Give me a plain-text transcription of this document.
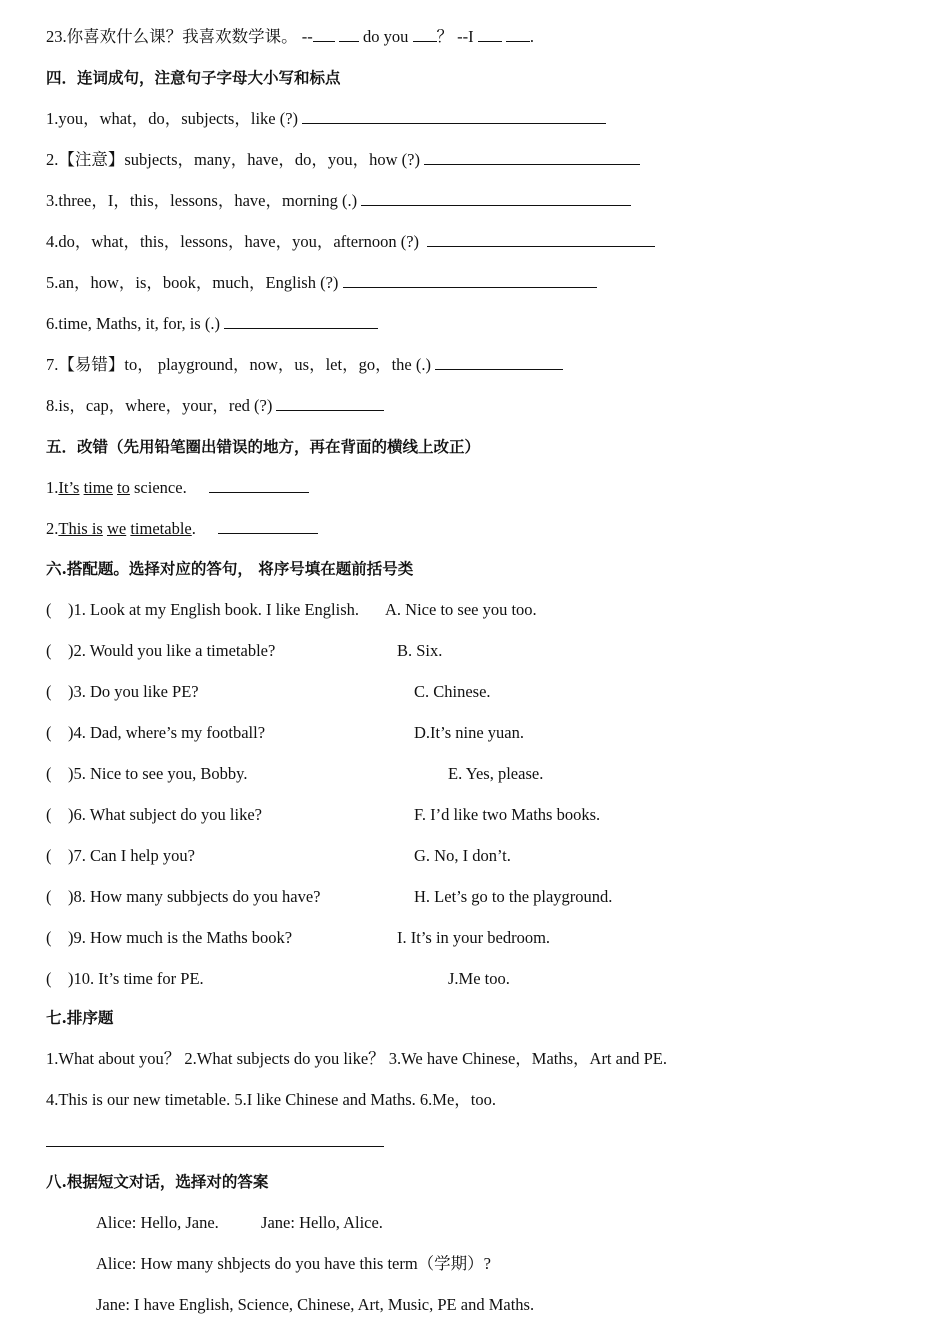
23.你喜欢什么课？我喜欢数学课。 --	do you ？ --I	.
四．连词成句，注意句子字母大小写和标点
1.you，what，do，subjects，like (?)
2.【注意】subjects，many，have，do，you，how (?)
3.three，I，this，lessons，have，morning (.)
4.do，what，this，lessons，have，you，afternoon (?)
5.an，how，is，book，much，English (?)
6.time, Maths, it, for, is (.)
7.【易错】to， playground，now，us，let，go，the (.)
8.is，cap，where，your，red (?)
五．改错（先用铅笔圈出错误的地方，再在背面的横线上改正）
1.It’s time to science.
2.This is we timetable.
六.搭配题。选择对应的答句， 将序号填在题前括号类
( )1. Look at my English book. I like English. A. Nice to see you too.
( )2. Would you like a timetable?	B. Six.
( )3. Do you like PE?	C. Chinese.
( )4. Dad, where’s my football?	D.It’s nine yuan.
( )5. Nice to see you, Bobby.	E. Yes, please.
( )6. What subject do you like?	F. I’d like two Maths books.
( )7. Can I help you?	G. No, I don’t.
( )8. How many subbjects do you have?	H. Let’s go to the playground.
( )9. How much is the Maths book?	I. It’s in your bedroom.
( )10. It’s time for PE.	J.Me too.
七.排序题
1.What about you？ 2.What subjects do you like？ 3.We have Chinese，Maths，Art and PE.
4.This is our new timetable. 5.I like Chinese and Maths. 6.Me，too.
八.根据短文对话，选择对的答案
Alice: Hello, Jane.	Jane: Hello, Alice.
Alice: How many shbjects do you have this term（学期）?
Jane: I have English, Science, Chinese, Art, Music, PE and Maths.
